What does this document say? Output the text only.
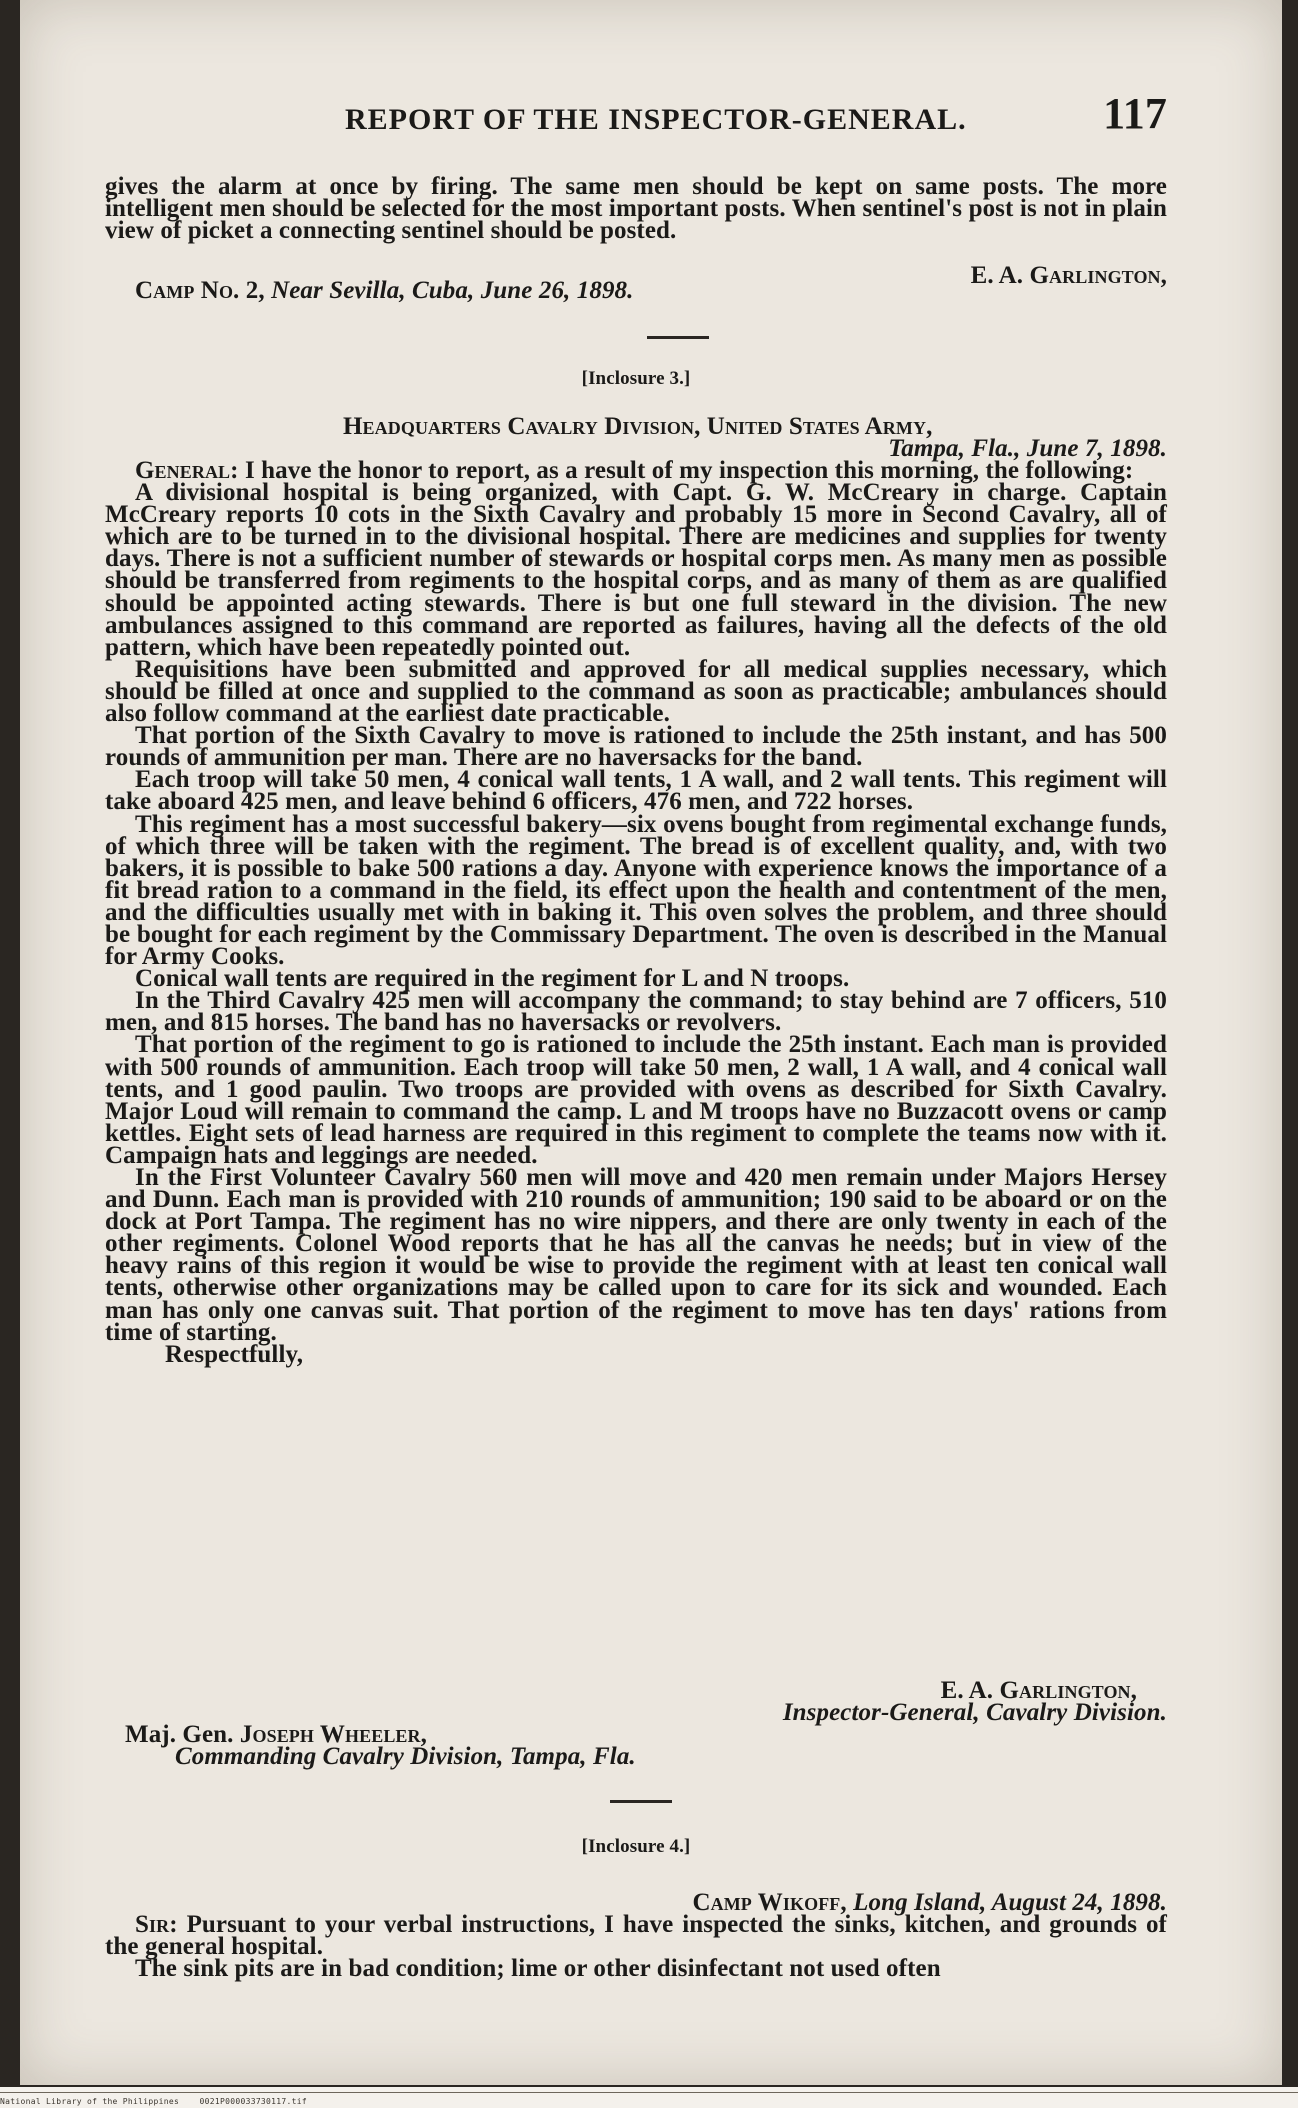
REPORT OF THE INSPECTOR-GENERAL.	117

gives the alarm at once by firing. The same men should be kept on same posts. The more intelligent men should be selected for the most important posts. When sentinel's post is not in plain view of picket a connecting sentinel should be posted.

E. A. Garlington,
Camp No. 2, Near Sevilla, Cuba, June 26, 1898.
[Inclosure 3.]
Headquarters Cavalry Division, United States Army,
Tampa, Fla., June 7, 1898.

General: I have the honor to report, as a result of my inspection this morning, the following:

A divisional hospital is being organized, with Capt. G. W. McCreary in charge. Captain McCreary reports 10 cots in the Sixth Cavalry and probably 15 more in Second Cavalry, all of which are to be turned in to the divisional hospital. There are medicines and supplies for twenty days. There is not a sufficient number of stewards or hospital corps men. As many men as possible should be transferred from regiments to the hospital corps, and as many of them as are qualified should be appointed acting stewards. There is but one full steward in the division. The new ambulances assigned to this command are reported as failures, having all the defects of the old pattern, which have been repeatedly pointed out.

Requisitions have been submitted and approved for all medical supplies necessary, which should be filled at once and supplied to the command as soon as practicable; ambulances should also follow command at the earliest date practicable.

That portion of the Sixth Cavalry to move is rationed to include the 25th instant, and has 500 rounds of ammunition per man. There are no haversacks for the band.

Each troop will take 50 men, 4 conical wall tents, 1 A wall, and 2 wall tents. This regiment will take aboard 425 men, and leave behind 6 officers, 476 men, and 722 horses.

This regiment has a most successful bakery—six ovens bought from regimental exchange funds, of which three will be taken with the regiment. The bread is of excellent quality, and, with two bakers, it is possible to bake 500 rations a day. Anyone with experience knows the importance of a fit bread ration to a command in the field, its effect upon the health and contentment of the men, and the difficulties usually met with in baking it. This oven solves the problem, and three should be bought for each regiment by the Commissary Department. The oven is described in the Manual for Army Cooks.

Conical wall tents are required in the regiment for L and N troops.

In the Third Cavalry 425 men will accompany the command; to stay behind are 7 officers, 510 men, and 815 horses. The band has no haversacks or revolvers.

That portion of the regiment to go is rationed to include the 25th instant. Each man is provided with 500 rounds of ammunition. Each troop will take 50 men, 2 wall, 1 A wall, and 4 conical wall tents, and 1 good paulin. Two troops are provided with ovens as described for Sixth Cavalry. Major Loud will remain to command the camp. L and M troops have no Buzzacott ovens or camp kettles. Eight sets of lead harness are required in this regiment to complete the teams now with it. Campaign hats and leggings are needed.

In the First Volunteer Cavalry 560 men will move and 420 men remain under Majors Hersey and Dunn. Each man is provided with 210 rounds of ammunition; 190 said to be aboard or on the dock at Port Tampa. The regiment has no wire nippers, and there are only twenty in each of the other regiments. Colonel Wood reports that he has all the canvas he needs; but in view of the heavy rains of this region it would be wise to provide the regiment with at least ten conical wall tents, otherwise other organizations may be called upon to care for its sick and wounded. Each man has only one canvas suit. That portion of the regiment to move has ten days' rations from time of starting.

Respectfully,

E. A. Garlington,
Inspector-General, Cavalry Division.
Maj. Gen. Joseph Wheeler,
Commanding Cavalry Division, Tampa, Fla.
[Inclosure 4.]
Camp Wikoff, Long Island, August 24, 1898.

Sir: Pursuant to your verbal instructions, I have inspected the sinks, kitchen, and grounds of the general hospital.

The sink pits are in bad condition; lime or other disinfectant not used often

National Library of the Philippines    0021P000033730117.tif
